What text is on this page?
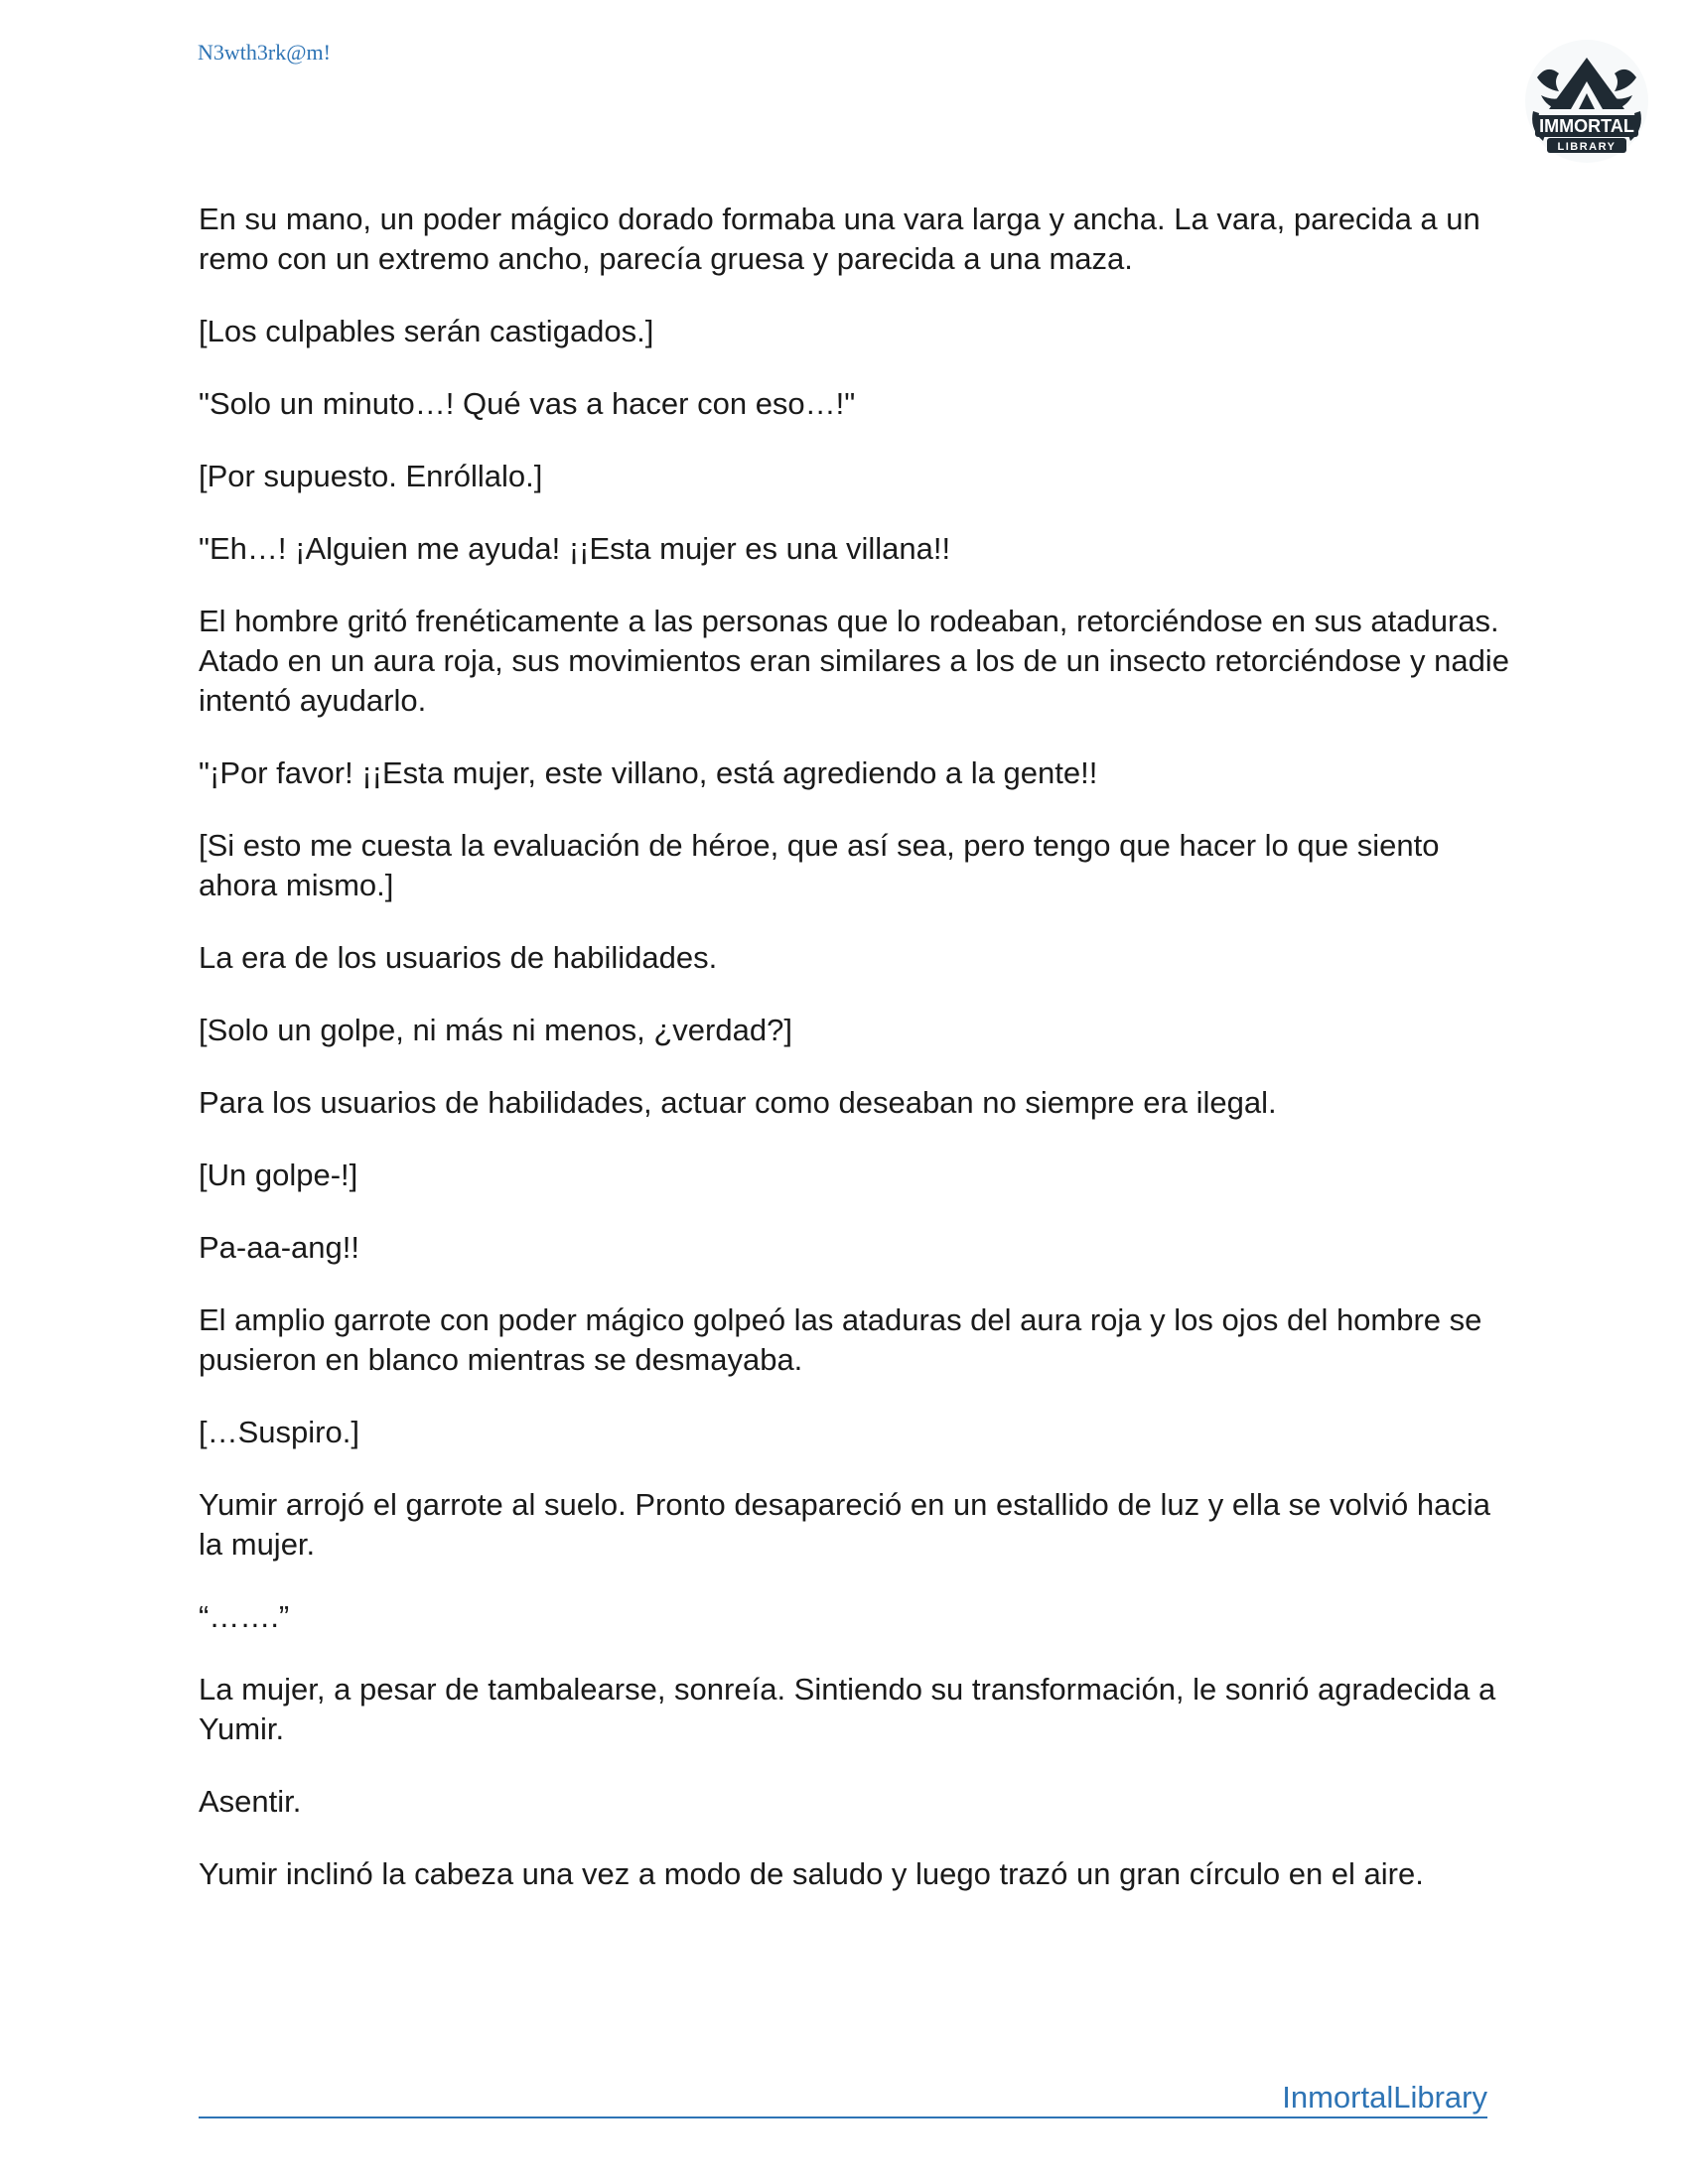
N3wth3rk@m!
IMMORTAL
LIBRARY

En su mano, un poder mágico dorado formaba una vara larga y ancha. La vara, parecida a un remo con un extremo ancho, parecía gruesa y parecida a una maza.

[Los culpables serán castigados.]

"Solo un minuto…! Qué vas a hacer con eso…!"

[Por supuesto. Enróllalo.]

"Eh…! ¡Alguien me ayuda! ¡¡Esta mujer es una villana!!

El hombre gritó frenéticamente a las personas que lo rodeaban, retorciéndose en sus ataduras. Atado en un aura roja, sus movimientos eran similares a los de un insecto retorciéndose y nadie intentó ayudarlo.

"¡Por favor! ¡¡Esta mujer, este villano, está agrediendo a la gente!!

[Si esto me cuesta la evaluación de héroe, que así sea, pero tengo que hacer lo que siento ahora mismo.]

La era de los usuarios de habilidades.

[Solo un golpe, ni más ni menos, ¿verdad?]

Para los usuarios de habilidades, actuar como deseaban no siempre era ilegal.

[Un golpe-!]

Pa-aa-ang!!

El amplio garrote con poder mágico golpeó las ataduras del aura roja y los ojos del hombre se pusieron en blanco mientras se desmayaba.

[…Suspiro.]

Yumir arrojó el garrote al suelo. Pronto desapareció en un estallido de luz y ella se volvió hacia la mujer.

“…….”

La mujer, a pesar de tambalearse, sonreía. Sintiendo su transformación, le sonrió agradecida a Yumir.

Asentir.

Yumir inclinó la cabeza una vez a modo de saludo y luego trazó un gran círculo en el aire.

InmortalLibrary
